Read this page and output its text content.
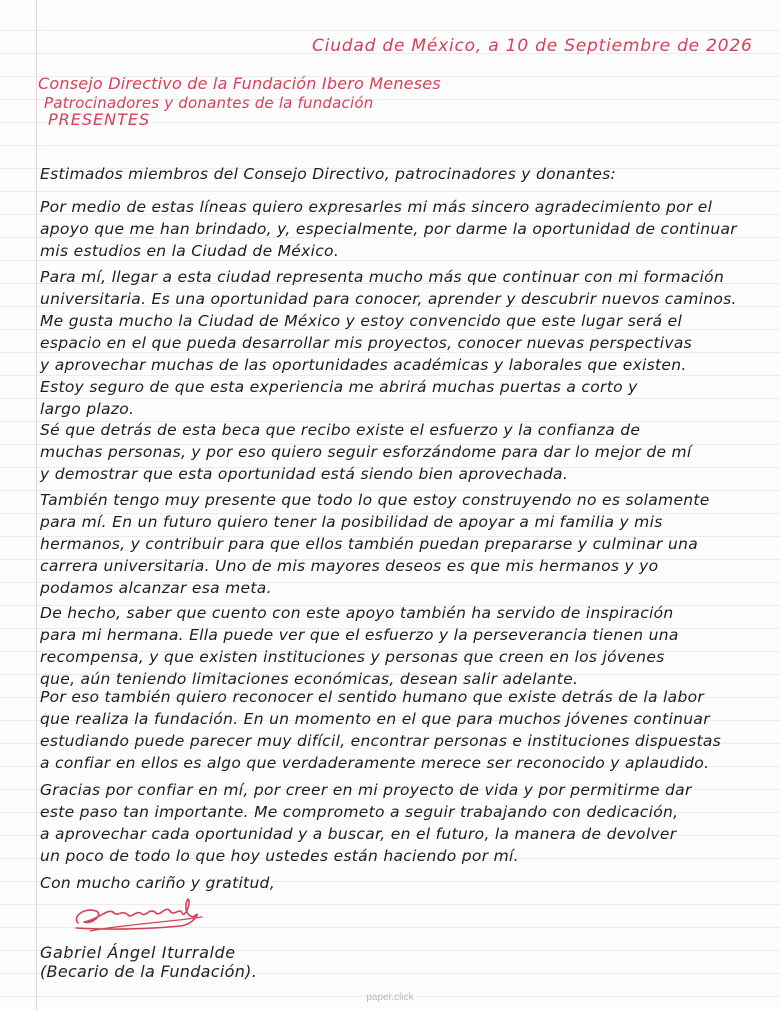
Ciudad de México, a 10 de Septiembre de 2026
Consejo Directivo de la Fundación Ibero Meneses
Patrocinadores y donantes de la fundación
PRESENTES
Estimados miembros del Consejo Directivo, patrocinadores y donantes:
Por medio de estas líneas quiero expresarles mi más sincero agradecimiento por el
apoyo que me han brindado, y, especialmente, por darme la oportunidad de continuar
mis estudios en la Ciudad de México.
Para mí, llegar a esta ciudad representa mucho más que continuar con mi formación
universitaria. Es una oportunidad para conocer, aprender y descubrir nuevos caminos.
Me gusta mucho la Ciudad de México y estoy convencido que este lugar será el
espacio en el que pueda desarrollar mis proyectos, conocer nuevas perspectivas
y aprovechar muchas de las oportunidades académicas y laborales que existen.
Estoy seguro de que esta experiencia me abrirá muchas puertas a corto y
largo plazo.
Sé que detrás de esta beca que recibo existe el esfuerzo y la confianza de
muchas personas, y por eso quiero seguir esforzándome para dar lo mejor de mí
y demostrar que esta oportunidad está siendo bien aprovechada.
También tengo muy presente que todo lo que estoy construyendo no es solamente
para mí. En un futuro quiero tener la posibilidad de apoyar a mi familia y mis
hermanos, y contribuir para que ellos también puedan prepararse y culminar una
carrera universitaria. Uno de mis mayores deseos es que mis hermanos y yo
podamos alcanzar esa meta.
De hecho, saber que cuento con este apoyo también ha servido de inspiración
para mi hermana. Ella puede ver que el esfuerzo y la perseverancia tienen una
recompensa, y que existen instituciones y personas que creen en los jóvenes
que, aún teniendo limitaciones económicas, desean salir adelante.
Por eso también quiero reconocer el sentido humano que existe detrás de la labor
que realiza la fundación. En un momento en el que para muchos jóvenes continuar
estudiando puede parecer muy difícil, encontrar personas e instituciones dispuestas
a confiar en ellos es algo que verdaderamente merece ser reconocido y aplaudido.
Gracias por confiar en mí, por creer en mi proyecto de vida y por permitirme dar
este paso tan importante. Me comprometo a seguir trabajando con dedicación,
a aprovechar cada oportunidad y a buscar, en el futuro, la manera de devolver
un poco de todo lo que hoy ustedes están haciendo por mí.
Con mucho cariño y gratitud,
Gabriel Ángel Iturralde
(Becario de la Fundación).
paper.click
